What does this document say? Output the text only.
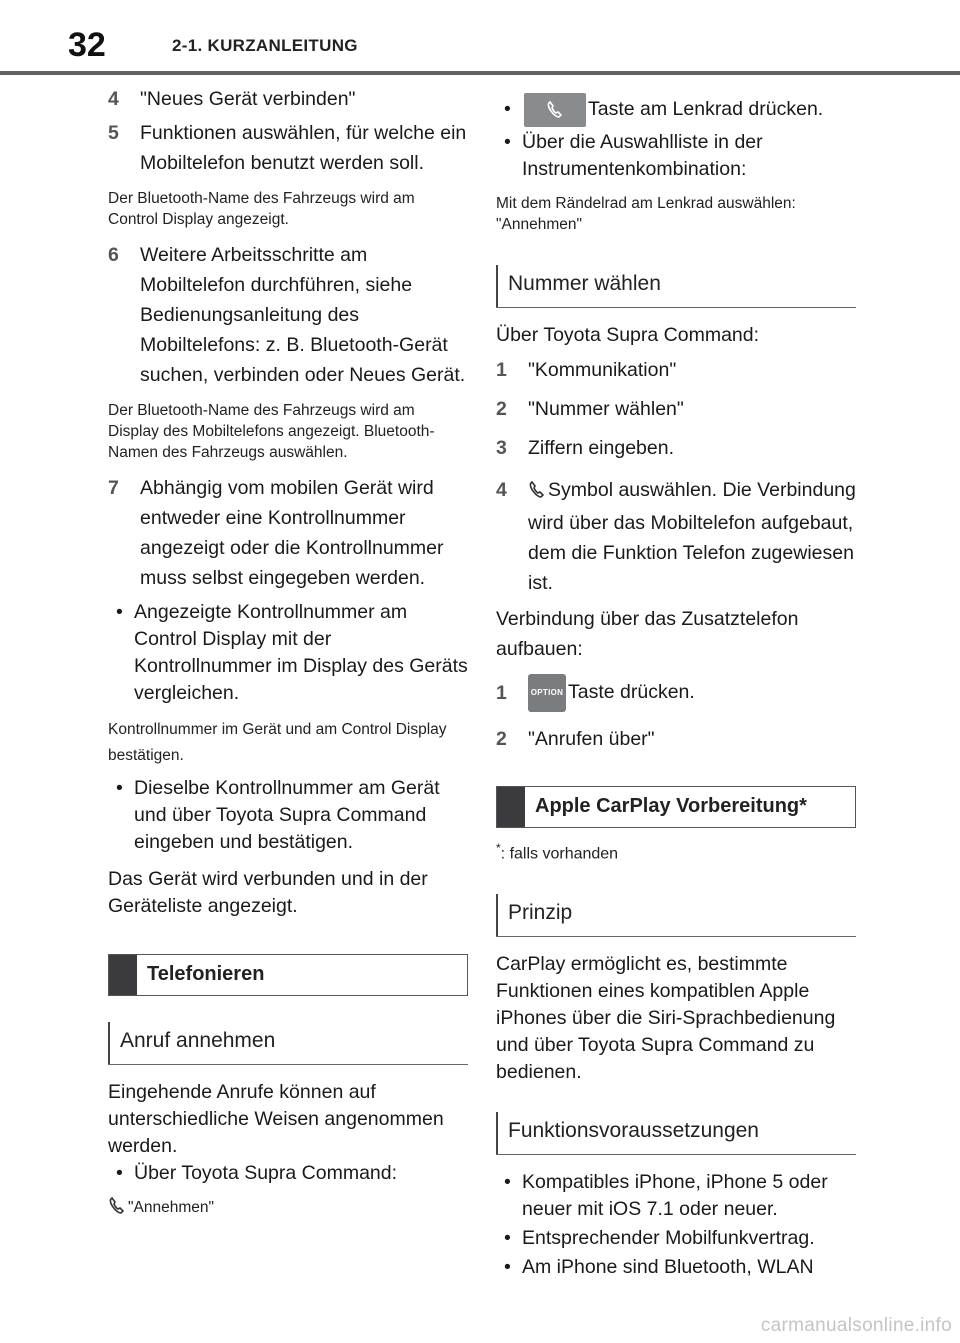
32	2-1. KURZANLEITUNG
4	"Neues Gerät verbinden"
5	Funktionen auswählen, für welche ein Mobiltelefon benutzt werden soll.
Der Bluetooth-Name des Fahrzeugs wird am Control Display angezeigt.
6	Weitere Arbeitsschritte am Mobiltelefon durchführen, siehe Bedienungsanleitung des Mobiltelefons: z. B. Bluetooth-Gerät suchen, verbinden oder Neues Gerät.
Der Bluetooth-Name des Fahrzeugs wird am Display des Mobiltelefons angezeigt. Bluetooth-Namen des Fahrzeugs auswählen.
7	Abhängig vom mobilen Gerät wird entweder eine Kontrollnummer angezeigt oder die Kontrollnummer muss selbst eingegeben werden.
• Angezeigte Kontrollnummer am Control Display mit der Kontrollnummer im Display des Geräts vergleichen.
Kontrollnummer im Gerät und am Control Display bestätigen.
• Dieselbe Kontrollnummer am Gerät und über Toyota Supra Command eingeben und bestätigen.
Das Gerät wird verbunden und in der Geräteliste angezeigt.
Telefonieren
Anruf annehmen
Eingehende Anrufe können auf unterschiedliche Weisen angenommen werden.
• Über Toyota Supra Command:
"Annehmen"
• Taste am Lenkrad drücken.
• Über die Auswahlliste in der Instrumentenkombination:
Mit dem Rändelrad am Lenkrad auswählen: "Annehmen"
Nummer wählen
Über Toyota Supra Command:
1	"Kommunikation"
2	"Nummer wählen"
3	Ziffern eingeben.
4	Symbol auswählen. Die Verbindung wird über das Mobiltelefon aufgebaut, dem die Funktion Telefon zugewiesen ist.
Verbindung über das Zusatztelefon aufbauen:
1	OPTION Taste drücken.
2	"Anrufen über"
Apple CarPlay Vorbereitung*
*: falls vorhanden
Prinzip
CarPlay ermöglicht es, bestimmte Funktionen eines kompatiblen Apple iPhones über die Siri-Sprachbedienung und über Toyota Supra Command zu bedienen.
Funktionsvoraussetzungen
• Kompatibles iPhone, iPhone 5 oder neuer mit iOS 7.1 oder neuer.
• Entsprechender Mobilfunkvertrag.
• Am iPhone sind Bluetooth, WLAN
carmanualsonline.info
